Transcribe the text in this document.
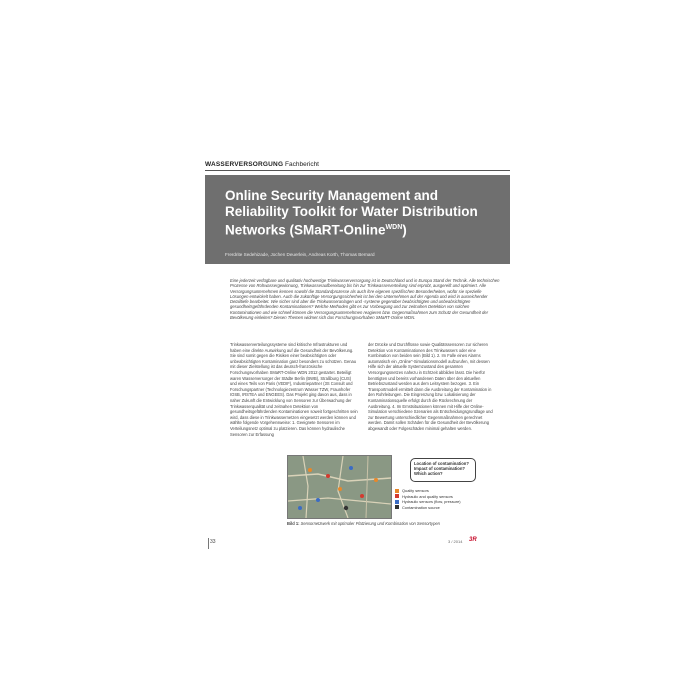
WASSERVERSORGUNG Fachbericht
Online Security Management and Reliability Toolkit for Water Distribution Networks (SMaRT-Online$^{WDN}$)
Frerdrite Sedehizade, Jochen Deuerlein, Andreas Korth, Thomas Bernard
Eine jederzeit verfügbare und qualitativ hochwertige Trinkwasserversorgung ist in Deutschland und in Europa Stand der Technik. Alle technischen Prozesse von Rohwassergewinnung, Trinkwasseraufbereitung bis hin zur Trinkwasserverteilung sind erprobt, ausgereift und optimiert. Alle Versorgungsunternehmen kennen sowohl die Standardprozesse als auch ihre eigenen spezifischen Besonderheiten, wofür sie spezielle Lösungen entwickelt haben. Auch die zukünftige Versorgungssicherheit ist bei den Unternehmen auf der Agenda und wird in ausreichender Detailtiefe bearbeitet. Wie sicher sind aber die Trinkwasseranlagen und -systeme gegenüber beabsichtigten und unbeabsichtigten gesundheitsgefährdenden Kontaminationen? Welche Methoden gibt es zur Vorbeugung und zur zeitnahen Detektion von solchen Kontaminationen und wie schnell können die Versorgungsunternehmen reagieren bzw. Gegenmaßnahmen zum Schutz der Gesundheit der Bevölkerung einleiten? Diesen Themen widmet sich das Forschungsvorhaben SMaRT-Online WDN.
Trinkwasserverteilungssysteme sind kritische Infrastrukturen und haben eine direkte Auswirkung auf die Gesundheit der Bevölkerung. Sie sind somit gegen die Risiken einer beabsichtigten oder unbeabsichtigten Kontamination ganz besonders zu schützen. Genau mit dieser Zielstellung ist das deutsch-französische Forschungsvorhaben SMaRT-Online WDN 2012 gestartet. Beteiligt waren Wasserversorger der Städte Berlin (BWB), Straßburg (CUS) und eines Teils von Paris (VEDIF), Industriepartner (3S Consult und Forschungspartner (Technologiezentrum Wasser TZW, Fraunhofer IOSB, IRSTEA und ENGEES). Das Projekt ging davon aus, dass in naher Zukunft die Entwicklung von Sensoren zur Überwachung der Trinkwasserqualität und zeitnahen Detektion von gesundheitsgefährdenden Kontaminationen soweit fortgeschritten sein wird, dass diese in Trinkwassernetzen eingesetzt werden können und wählte folgende Vorgehensweise: 1. Geeignete Sensoren im Verteilungsnetz optimal zu platzieren. Das können hydraulische Sensoren zur Erfassung
der Drücke und Durchflüsse sowie Qualitätssensoren zur sicheren Detektion von Kontaminationen des Trinkwassers oder eine Kombination von beiden sein (Bild 1). 2. Im Falle eines Alarms automatisch ein „Online"-Simulationsmodell aufzurufen, mit dessen Hilfe sich der aktuelle Systemzustand des gesamten Versorgungsnetzes nahezu in Echtzeit abbilden lässt. Die hierfür benötigten und bereits vorhandenen Daten über den aktuellen Betriebszustand werden aus dem Leitsystem bezogen. 3. Ein Transportmodell ermittelt dann die Ausbreitung der Kontamination in den Rohrleitungen. Die Eingrenzung bzw. Lokalisierung der Kontaminationsquelle erfolgt durch die Rückrechnung der Ausbreitung. 4. Im Ernstsituationen können mit Hilfe der Online-Simulation verschiedene Szenarien als Entscheidungsgrundlage und zur Bewertung unterschiedlicher Gegenmaßnahmen gerechnet werden. Damit sollen Schäden für die Gesundheit der Bevölkerung abgewandt oder Folgeschäden minimal gehalten werden.
Location of contamination? Impact of contamination? Which action?
Quality sensors
Hydraulic and quality sensors
Hydraulic sensors (flow, pressure)
Contamination source
Bild 1: Sensornetzwerk mit optimaler Platzierung und Kombination von Sensortypen
33	3 / 2014 3R
